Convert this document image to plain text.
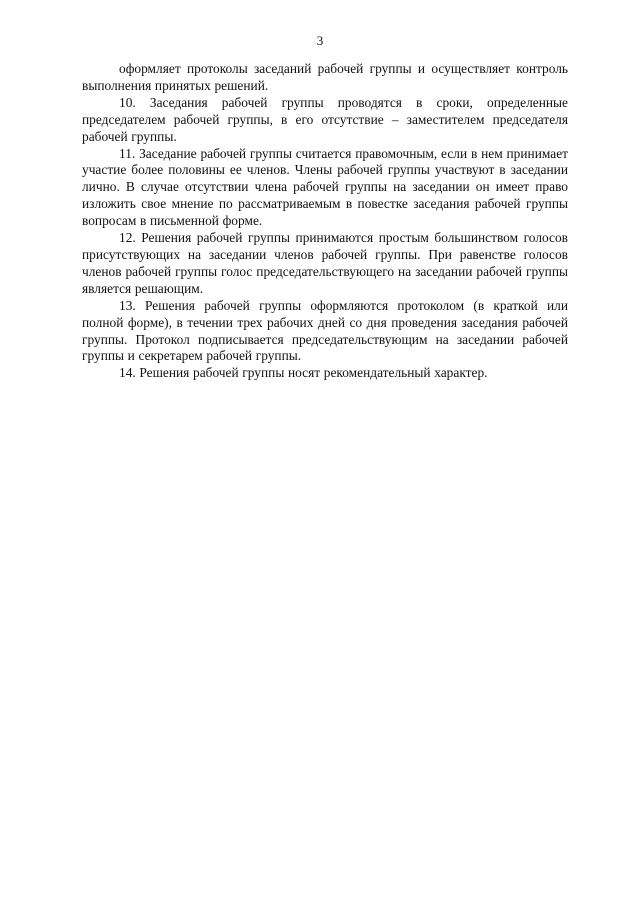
3

оформляет протоколы заседаний рабочей группы и осуществляет контроль выполнения принятых решений.

10. Заседания рабочей группы проводятся в сроки, определенные председателем рабочей группы, в его отсутствие – заместителем председателя рабочей группы.

11. Заседание рабочей группы считается правомочным, если в нем принимает участие более половины ее членов. Члены рабочей группы участвуют в заседании лично. В случае отсутствии члена рабочей группы на заседании он имеет право изложить свое мнение по рассматриваемым в повестке заседания рабочей группы вопросам в письменной форме.

12. Решения рабочей группы принимаются простым большинством голосов присутствующих на заседании членов рабочей группы. При равенстве голосов членов рабочей группы голос председательствующего на заседании рабочей группы является решающим.

13. Решения рабочей группы оформляются протоколом (в краткой или полной форме), в течении трех рабочих дней со дня проведения заседания рабочей группы. Протокол подписывается председательствующим на заседании рабочей группы и секретарем рабочей группы.

14. Решения рабочей группы носят рекомендательный характер.
